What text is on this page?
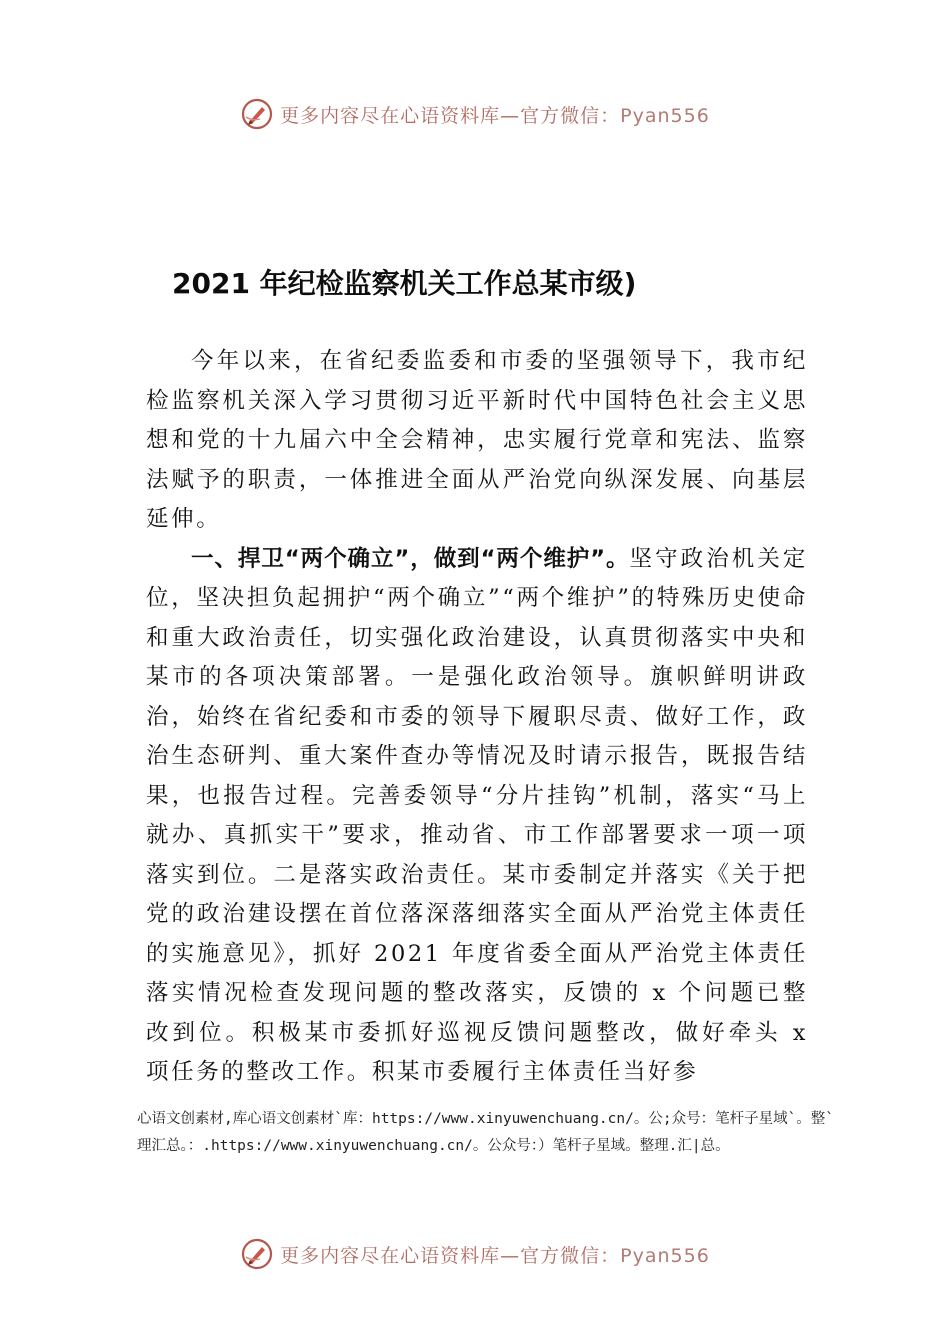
更多内容尽在心语资料库—官方微信：Pyan556
2021 年纪检监察机关工作总某市级)

今年以来，在省纪委监委和市委的坚强领导下，我市纪检监察机关深入学习贯彻习近平新时代中国特色社会主义思想和党的十九届六中全会精神，忠实履行党章和宪法、监察法赋予的职责，一体推进全面从严治党向纵深发展、向基层延伸。

一、捍卫“两个确立”，做到“两个维护”。坚守政治机关定位，坚决担负起拥护“两个确立”“两个维护”的特殊历史使命和重大政治责任，切实强化政治建设，认真贯彻落实中央和某市的各项决策部署。一是强化政治领导。旗帜鲜明讲政治，始终在省纪委和市委的领导下履职尽责、做好工作，政治生态研判、重大案件查办等情况及时请示报告，既报告结果，也报告过程。完善委领导“分片挂钩”机制，落实“马上就办、真抓实干”要求，推动省、市工作部署要求一项一项落实到位。二是落实政治责任。某市委制定并落实《关于把党的政治建设摆在首位落深落细落实全面从严治党主体责任的实施意见》，抓好 2021 年度省委全面从严治党主体责任落实情况检查发现问题的整改落实，反馈的 x 个问题已整改到位。积极某市委抓好巡视反馈问题整改，做好牵头 x 项任务的整改工作。积某市委履行主体责任当好参

心语文创素材,库心语文创素材`库：https://www.xinyuwenchuang.cn/。公;众号：笔杆子星域`。整`理汇总。：.https://www.xinyuwenchuang.cn/。公众号：）笔杆子星域。整理.汇|总。
更多内容尽在心语资料库—官方微信：Pyan556
